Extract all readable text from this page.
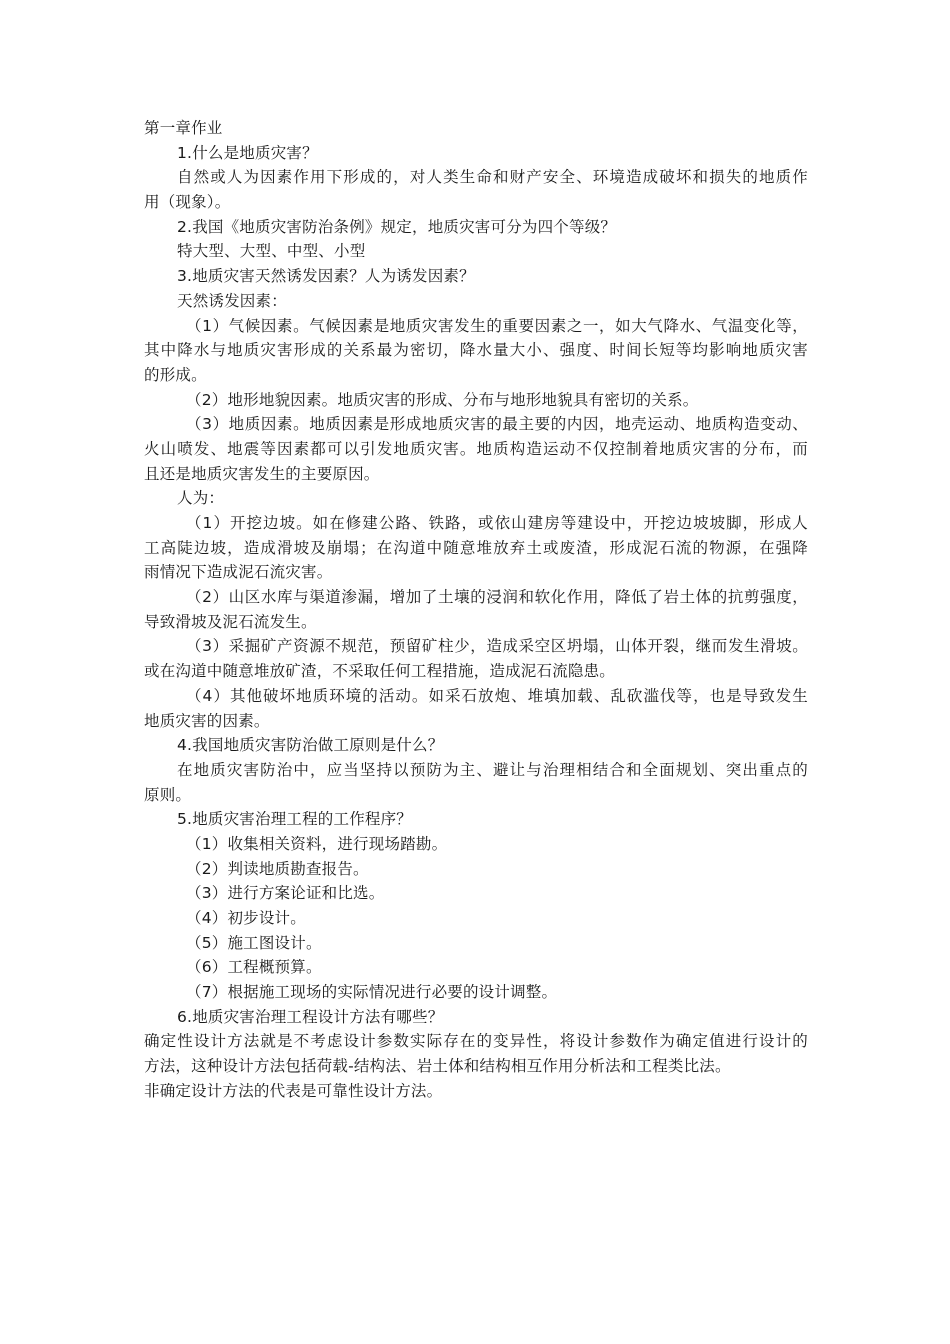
第一章作业

1.什么是地质灾害？

自然或人为因素作用下形成的，对人类生命和财产安全、环境造成破坏和损失的地质作

用（现象）。

2.我国《地质灾害防治条例》规定，地质灾害可分为四个等级？

特大型、大型、中型、小型

3.地质灾害天然诱发因素？人为诱发因素？

天然诱发因素：

（1）气候因素。气候因素是地质灾害发生的重要因素之一，如大气降水、气温变化等，

其中降水与地质灾害形成的关系最为密切，降水量大小、强度、时间长短等均影响地质灾害

的形成。

（2）地形地貌因素。地质灾害的形成、分布与地形地貌具有密切的关系。

（3）地质因素。地质因素是形成地质灾害的最主要的内因，地壳运动、地质构造变动、

火山喷发、地震等因素都可以引发地质灾害。地质构造运动不仅控制着地质灾害的分布，而

且还是地质灾害发生的主要原因。

人为：

（1）开挖边坡。如在修建公路、铁路，或依山建房等建设中，开挖边坡坡脚，形成人

工高陡边坡，造成滑坡及崩塌；在沟道中随意堆放弃土或废渣，形成泥石流的物源，在强降

雨情况下造成泥石流灾害。

（2）山区水库与渠道渗漏，增加了土壤的浸润和软化作用，降低了岩土体的抗剪强度，

导致滑坡及泥石流发生。

（3）采掘矿产资源不规范，预留矿柱少，造成采空区坍塌，山体开裂，继而发生滑坡。

或在沟道中随意堆放矿渣，不采取任何工程措施，造成泥石流隐患。

（4）其他破坏地质环境的活动。如采石放炮、堆填加载、乱砍滥伐等，也是导致发生

地质灾害的因素。

4.我国地质灾害防治做工原则是什么？

在地质灾害防治中，应当坚持以预防为主、避让与治理相结合和全面规划、突出重点的

原则。

5.地质灾害治理工程的工作程序？

（1）收集相关资料，进行现场踏勘。

（2）判读地质勘查报告。

（3）进行方案论证和比选。

（4）初步设计。

（5）施工图设计。

（6）工程概预算。

（7）根据施工现场的实际情况进行必要的设计调整。

6.地质灾害治理工程设计方法有哪些？

确定性设计方法就是不考虑设计参数实际存在的变异性，将设计参数作为确定值进行设计的

方法，这种设计方法包括荷载-结构法、岩土体和结构相互作用分析法和工程类比法。

非确定设计方法的代表是可靠性设计方法。
